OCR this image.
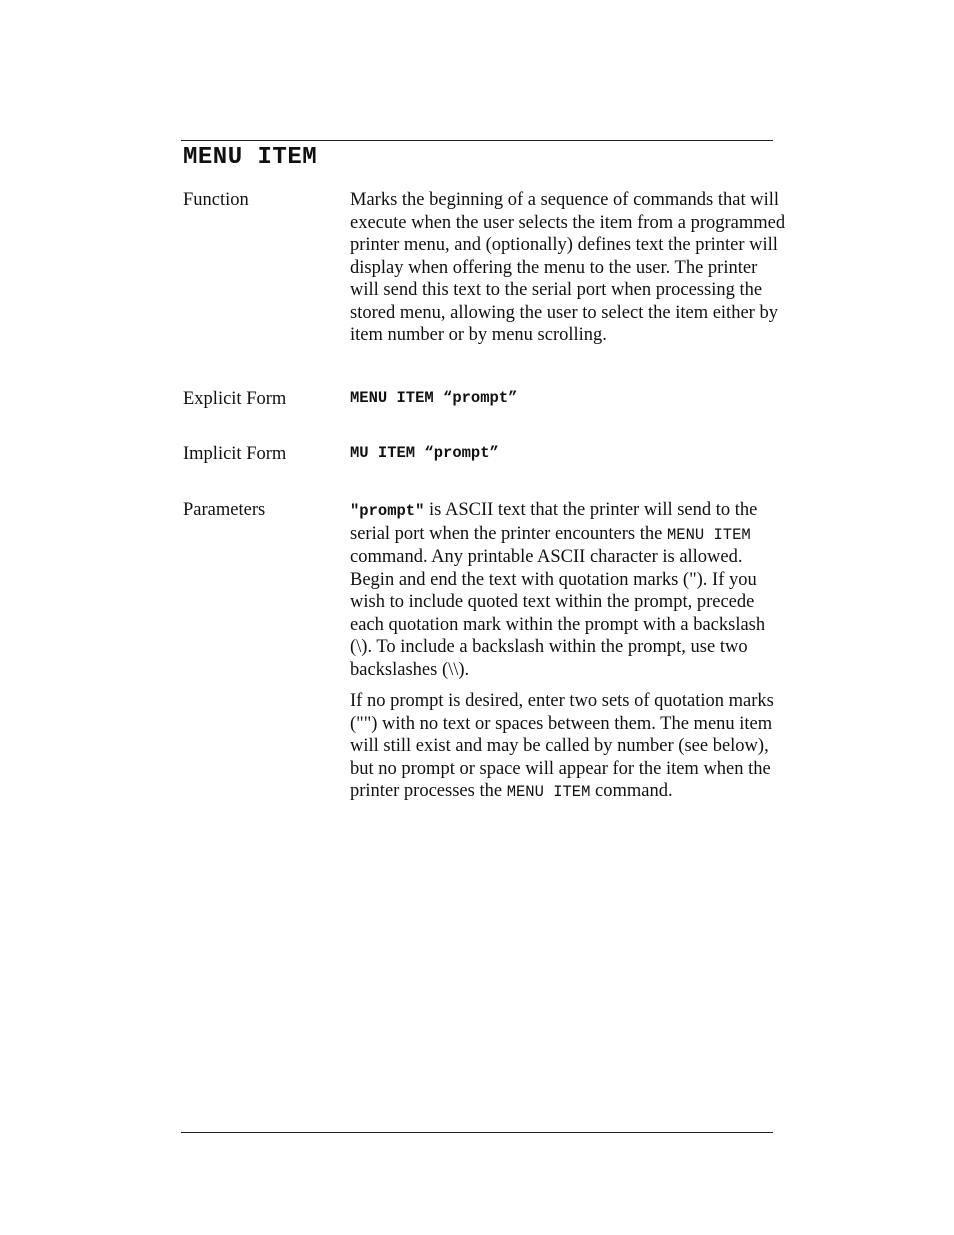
MENU ITEM
Function	Marks the beginning of a sequence of commands that will execute when the user selects the item from a programmed printer menu, and (optionally) defines text the printer will display when offering the menu to the user. The printer will send this text to the serial port when processing the stored menu, allowing the user to select the item either by item number or by menu scrolling.

Explicit Form	MENU ITEM “prompt”
Implicit Form	MU ITEM “prompt”
Parameters	"prompt" is ASCII text that the printer will send to the serial port when the printer encounters the MENU ITEM command. Any printable ASCII character is allowed. Begin and end the text with quotation marks ("). If you wish to include quoted text within the prompt, precede each quotation mark within the prompt with a backslash (\). To include a backslash within the prompt, use two backslashes (\\).

If no prompt is desired, enter two sets of quotation marks ("") with no text or spaces between them. The menu item will still exist and may be called by number (see below), but no prompt or space will appear for the item when the printer processes the MENU ITEM command.
